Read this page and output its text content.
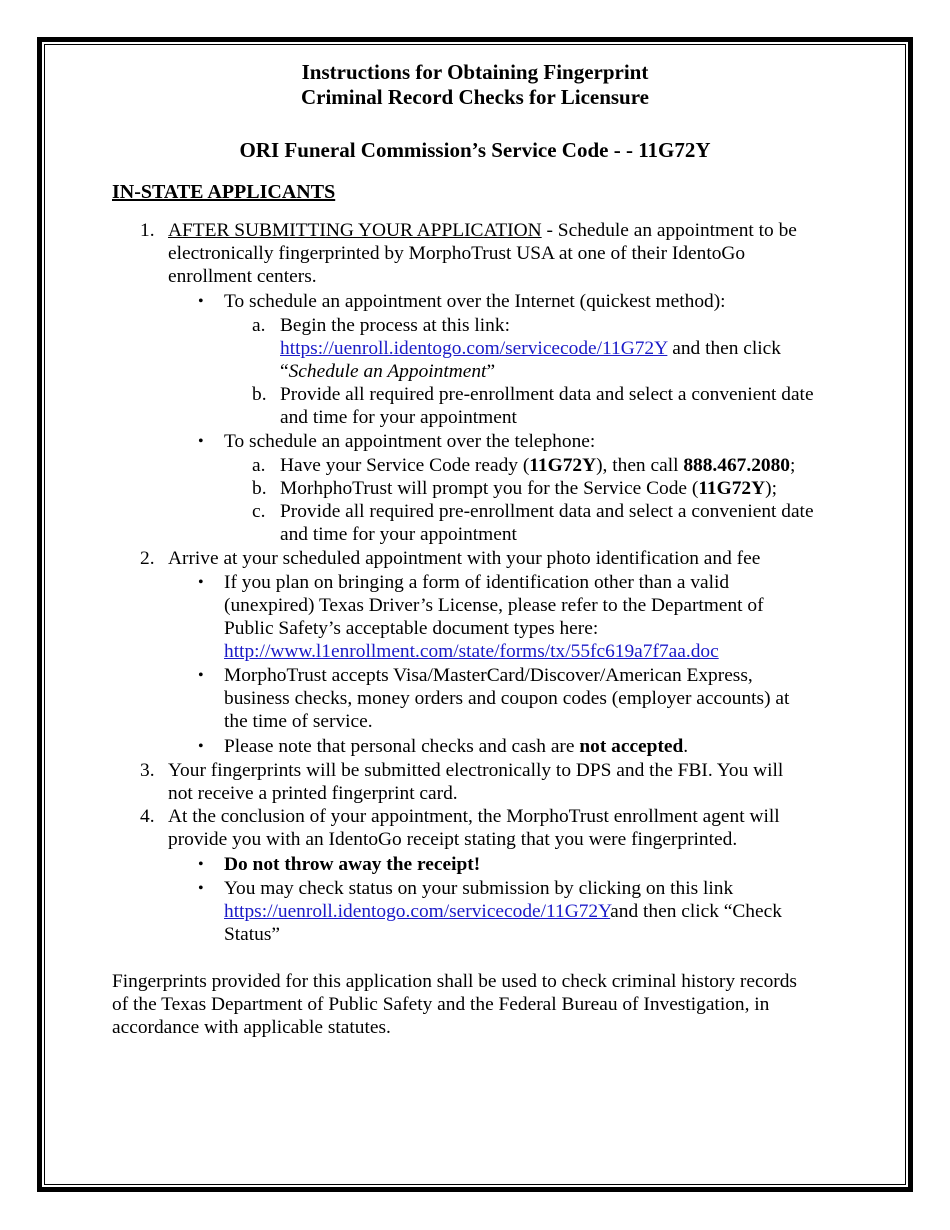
Instructions for Obtaining Fingerprint
Criminal Record Checks for Licensure
ORI Funeral Commission’s Service Code - - 11G72Y
IN-STATE APPLICANTS
1. AFTER SUBMITTING YOUR APPLICATION - Schedule an appointment to be
electronically fingerprinted by MorphoTrust USA at one of their IdentoGo
enrollment centers.
• To schedule an appointment over the Internet (quickest method):
a. Begin the process at this link:
https://uenroll.identogo.com/servicecode/11G72Y and then click
“Schedule an Appointment”
b. Provide all required pre-enrollment data and select a convenient date
and time for your appointment
• To schedule an appointment over the telephone:
a. Have your Service Code ready (11G72Y), then call 888.467.2080;
b. MorhphoTrust will prompt you for the Service Code (11G72Y);
c. Provide all required pre-enrollment data and select a convenient date
and time for your appointment
2. Arrive at your scheduled appointment with your photo identification and fee
• If you plan on bringing a form of identification other than a valid
(unexpired) Texas Driver’s License, please refer to the Department of
Public Safety’s acceptable document types here:
http://www.l1enrollment.com/state/forms/tx/55fc619a7f7aa.doc
• MorphoTrust accepts Visa/MasterCard/Discover/American Express,
business checks, money orders and coupon codes (employer accounts) at
the time of service.
• Please note that personal checks and cash are not accepted.
3. Your fingerprints will be submitted electronically to DPS and the FBI. You will
not receive a printed fingerprint card.
4. At the conclusion of your appointment, the MorphoTrust enrollment agent will
provide you with an IdentoGo receipt stating that you were fingerprinted.
• Do not throw away the receipt!
• You may check status on your submission by clicking on this link
https://uenroll.identogo.com/servicecode/11G72Yand then click “Check
Status”
Fingerprints provided for this application shall be used to check criminal history records
of the Texas Department of Public Safety and the Federal Bureau of Investigation, in
accordance with applicable statutes.
